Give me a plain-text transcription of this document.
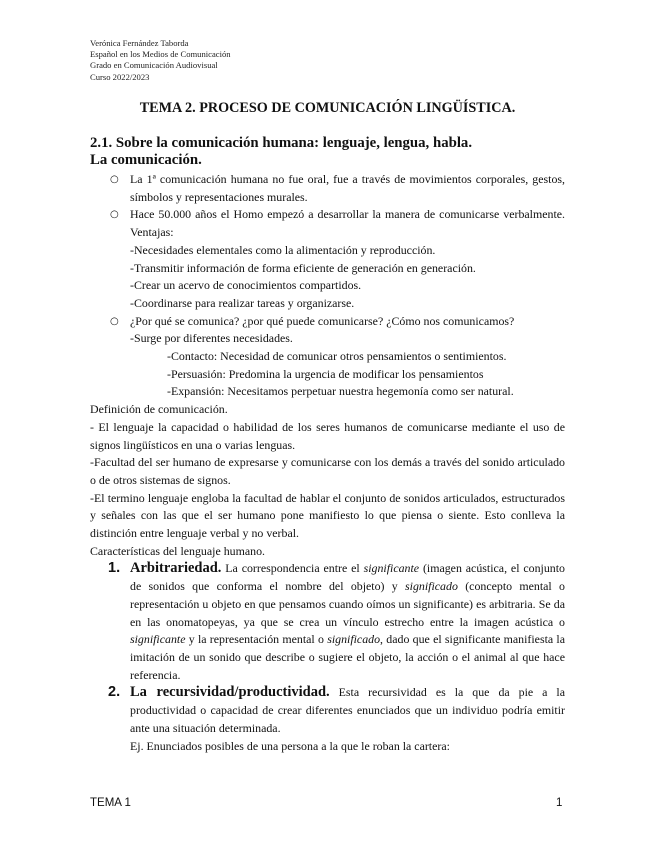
Verónica Fernández Taborda
Español en los Medios de Comunicación
Grado en Comunicación Audiovisual
Curso 2022/2023
TEMA 2. PROCESO DE COMUNICACIÓN LINGÜÍSTICA.
2.1. Sobre la comunicación humana: lenguaje, lengua, habla.
La comunicación.
○ La 1ª comunicación humana no fue oral, fue a través de movimientos corporales, gestos, símbolos y representaciones murales.
○ Hace 50.000 años el Homo empezó a desarrollar la manera de comunicarse verbalmente. Ventajas:
-Necesidades elementales como la alimentación y reproducción.
-Transmitir información de forma eficiente de generación en generación.
-Crear un acervo de conocimientos compartidos.
-Coordinarse para realizar tareas y organizarse.
○ ¿Por qué se comunica? ¿por qué puede comunicarse? ¿Cómo nos comunicamos?
-Surge por diferentes necesidades.
-Contacto: Necesidad de comunicar otros pensamientos o sentimientos.
-Persuasión: Predomina la urgencia de modificar los pensamientos
-Expansión: Necesitamos perpetuar nuestra hegemonía como ser natural.
Definición de comunicación.
- El lenguaje la capacidad o habilidad de los seres humanos de comunicarse mediante el uso de signos lingüísticos en una o varias lenguas.
-Facultad del ser humano de expresarse y comunicarse con los demás a través del sonido articulado o de otros sistemas de signos.
-El termino lenguaje engloba la facultad de hablar el conjunto de sonidos articulados, estructurados y señales con las que el ser humano pone manifiesto lo que piensa o siente. Esto conlleva la distinción entre lenguaje verbal y no verbal.
Características del lenguaje humano.
1. Arbitrariedad. La correspondencia entre el significante (imagen acústica, el conjunto de sonidos que conforma el nombre del objeto) y significado (concepto mental o representación u objeto en que pensamos cuando oímos un significante) es arbitraria. Se da en las onomatopeyas, ya que se crea un vínculo estrecho entre la imagen acústica o significante y la representación mental o significado, dado que el significante manifiesta la imitación de un sonido que describe o sugiere el objeto, la acción o el animal al que hace referencia.
2. La recursividad/productividad. Esta recursividad es la que da pie a la productividad o capacidad de crear diferentes enunciados que un individuo podría emitir ante una situación determinada.
Ej. Enunciados posibles de una persona a la que le roban la cartera:
TEMA 1	1
